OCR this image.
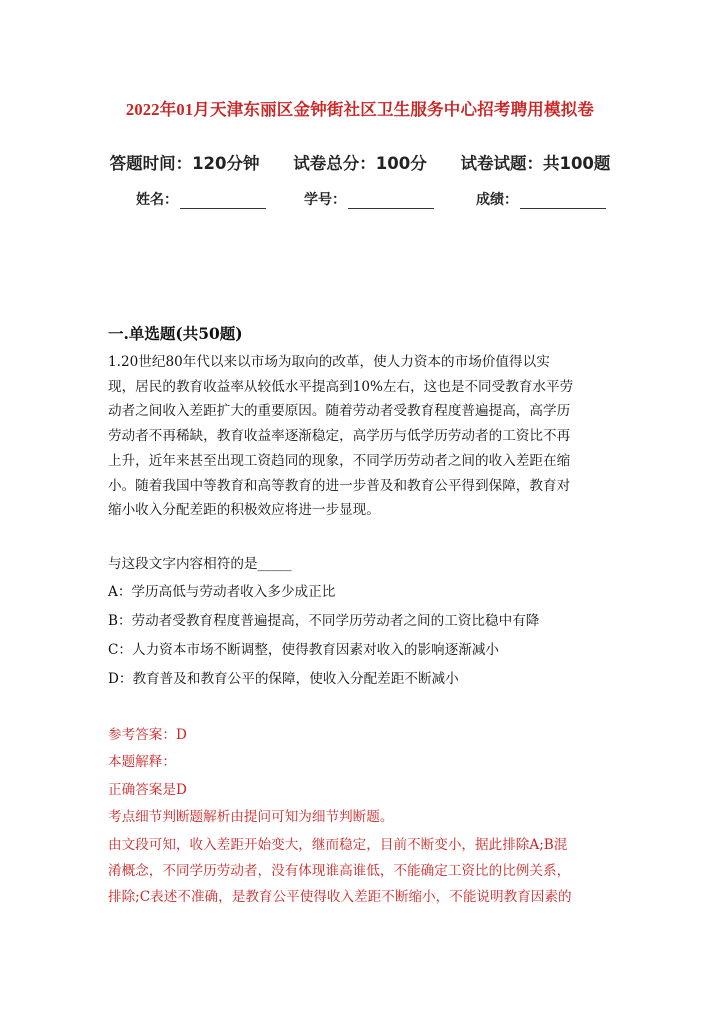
2022年01月天津东丽区金钟街社区卫生服务中心招考聘用模拟卷
答题时间：120分钟 试卷总分：100分 试卷试题：共100题
姓名：	学号：	成绩：
一.单选题(共50题)
1.20世纪80年代以来以市场为取向的改革，使人力资本的市场价值得以实
现，居民的教育收益率从较低水平提高到10%左右，这也是不同受教育水平劳
动者之间收入差距扩大的重要原因。随着劳动者受教育程度普遍提高，高学历
劳动者不再稀缺，教育收益率逐渐稳定，高学历与低学历劳动者的工资比不再
上升，近年来甚至出现工资趋同的现象，不同学历劳动者之间的收入差距在缩
小。随着我国中等教育和高等教育的进一步普及和教育公平得到保障，教育对
缩小收入分配差距的积极效应将进一步显现。
与这段文字内容相符的是_____
A：学历高低与劳动者收入多少成正比
B：劳动者受教育程度普遍提高，不同学历劳动者之间的工资比稳中有降
C：人力资本市场不断调整，使得教育因素对收入的影响逐渐减小
D：教育普及和教育公平的保障，使收入分配差距不断减小
参考答案：D
本题解释：
正确答案是D
考点细节判断题解析由提问可知为细节判断题。
由文段可知，收入差距开始变大，继而稳定，目前不断变小，据此排除A;B混
淆概念，不同学历劳动者，没有体现谁高谁低，不能确定工资比的比例关系，
排除;C表述不准确，是教育公平使得收入差距不断缩小，不能说明教育因素的
